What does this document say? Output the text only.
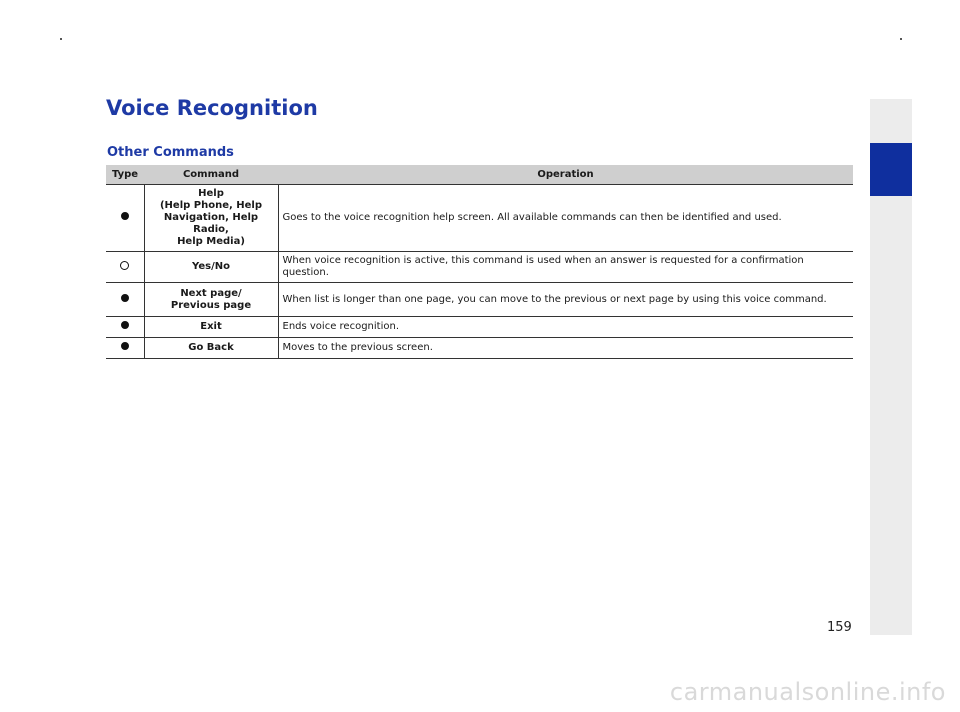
Voice Recognition
Other Commands
Type	Command	Operation
	Help
(Help Phone, Help
Navigation, Help Radio,
Help Media)	Goes to the voice recognition help screen. All available commands can then be identified and used.
	Yes/No	When voice recognition is active, this command is used when an answer is requested for a confirmation question.
	Next page/
Previous page	When list is longer than one page, you can move to the previous or next page by using this voice command.
	Exit	Ends voice recognition.
	Go Back	Moves to the previous screen.
159
carmanualsonline.info
